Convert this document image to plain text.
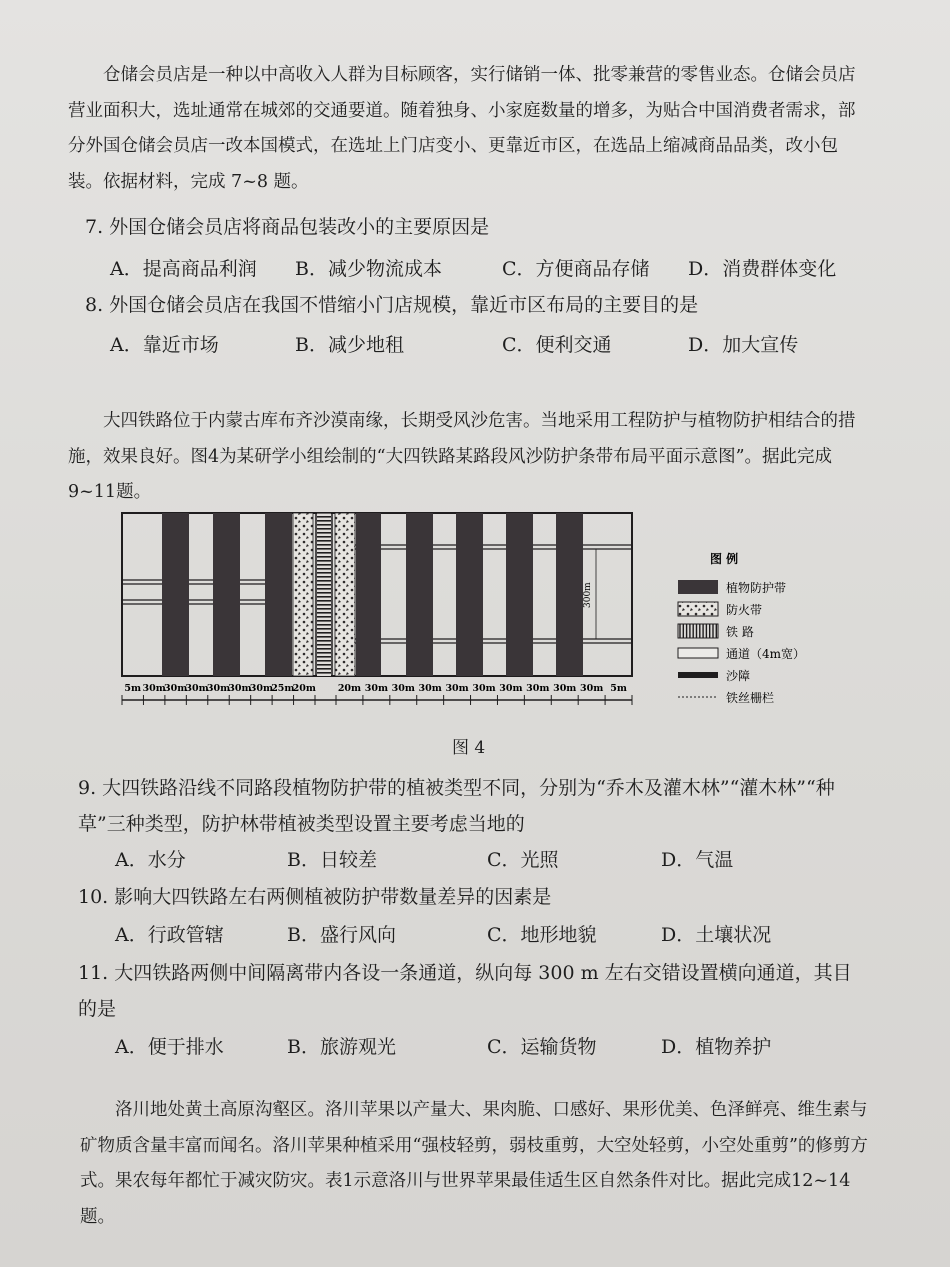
仓储会员店是一种以中高收入人群为目标顾客，实行储销一体、批零兼营的零售业态。仓储会员店营业面积大，选址通常在城郊的交通要道。随着独身、小家庭数量的增多，为贴合中国消费者需求，部分外国仓储会员店一改本国模式，在选址上门店变小、更靠近市区，在选品上缩减商品品类，改小包装。依据材料，完成 7~8 题。

7. 外国仓储会员店将商品包装改小的主要原因是
A．提高商品利润 B．减少物流成本	C．方便商品存储 D．消费群体变化
8. 外国仓储会员店在我国不惜缩小门店规模，靠近市区布局的主要目的是
A．靠近市场	B．减少地租	C．便利交通	D．加大宣传

大四铁路位于内蒙古库布齐沙漠南缘，长期受风沙危害。当地采用工程防护与植物防护相结合的措施，效果良好。图4为某研学小组绘制的“大四铁路某路段风沙防护条带布局平面示意图”。据此完成9~11题。

300m
5m 30m
30m
30m
30m
30m
30m
25m
20m 20m 30m 30m 30m 30m 30m 30m 30m 30m 30m 5m
图 例
植物防护带
防火带
铁 路
通道（4m宽）
沙障
铁丝栅栏
图 4
9. 大四铁路沿线不同路段植物防护带的植被类型不同，分别为“乔木及灌木林”“灌木林”“种草”三种类型，防护林带植被类型设置主要考虑当地的
A．水分	B．日较差	C．光照	D．气温
10. 影响大四铁路左右两侧植被防护带数量差异的因素是
A．行政管辖	B．盛行风向	C．地形地貌	D．土壤状况
11. 大四铁路两侧中间隔离带内各设一条通道，纵向每 300 m 左右交错设置横向通道，其目的是
A．便于排水	B．旅游观光	C．运输货物	D．植物养护

洛川地处黄土高原沟壑区。洛川苹果以产量大、果肉脆、口感好、果形优美、色泽鲜亮、维生素与矿物质含量丰富而闻名。洛川苹果种植采用“强枝轻剪，弱枝重剪，大空处轻剪，小空处重剪”的修剪方式。果农每年都忙于减灾防灾。表1示意洛川与世界苹果最佳适生区自然条件对比。据此完成12~14题。
